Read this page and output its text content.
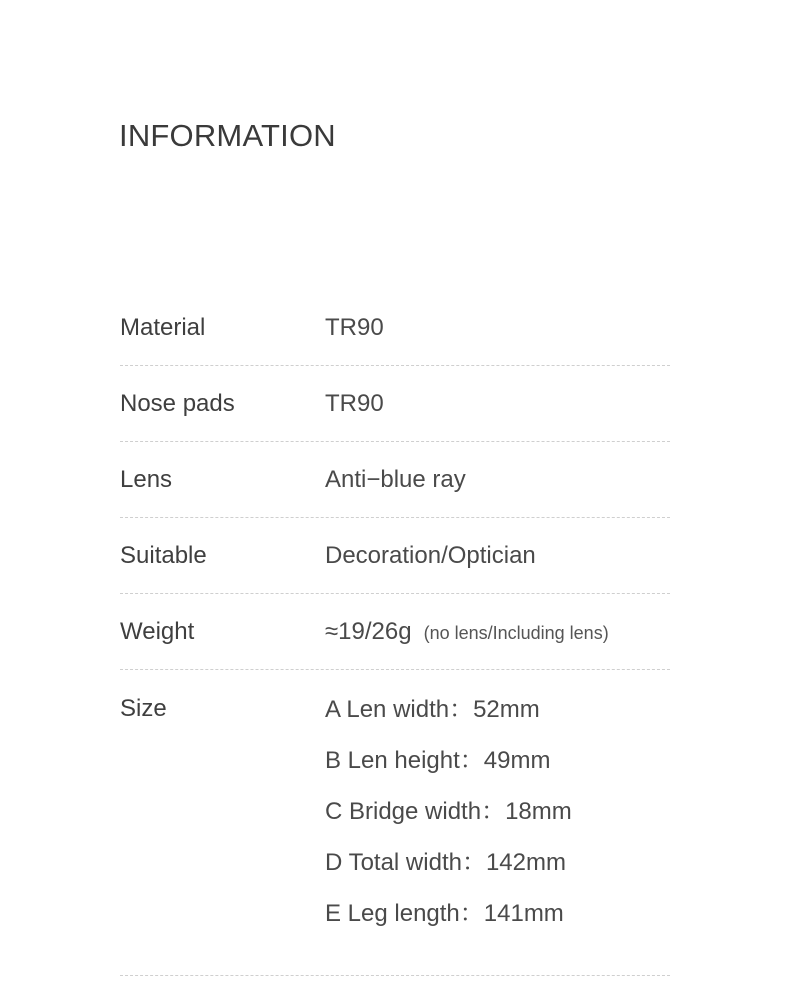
INFORMATION
Material	TR90
Nose pads	TR90
Lens	Anti−blue ray
Suitable	Decoration/Optician
Weight	≈19/26g (no lens/Including lens)
Size	A Len width：52mm
B Len height：49mm
C Bridge width：18mm
D Total width：142mm
E Leg length：141mm
